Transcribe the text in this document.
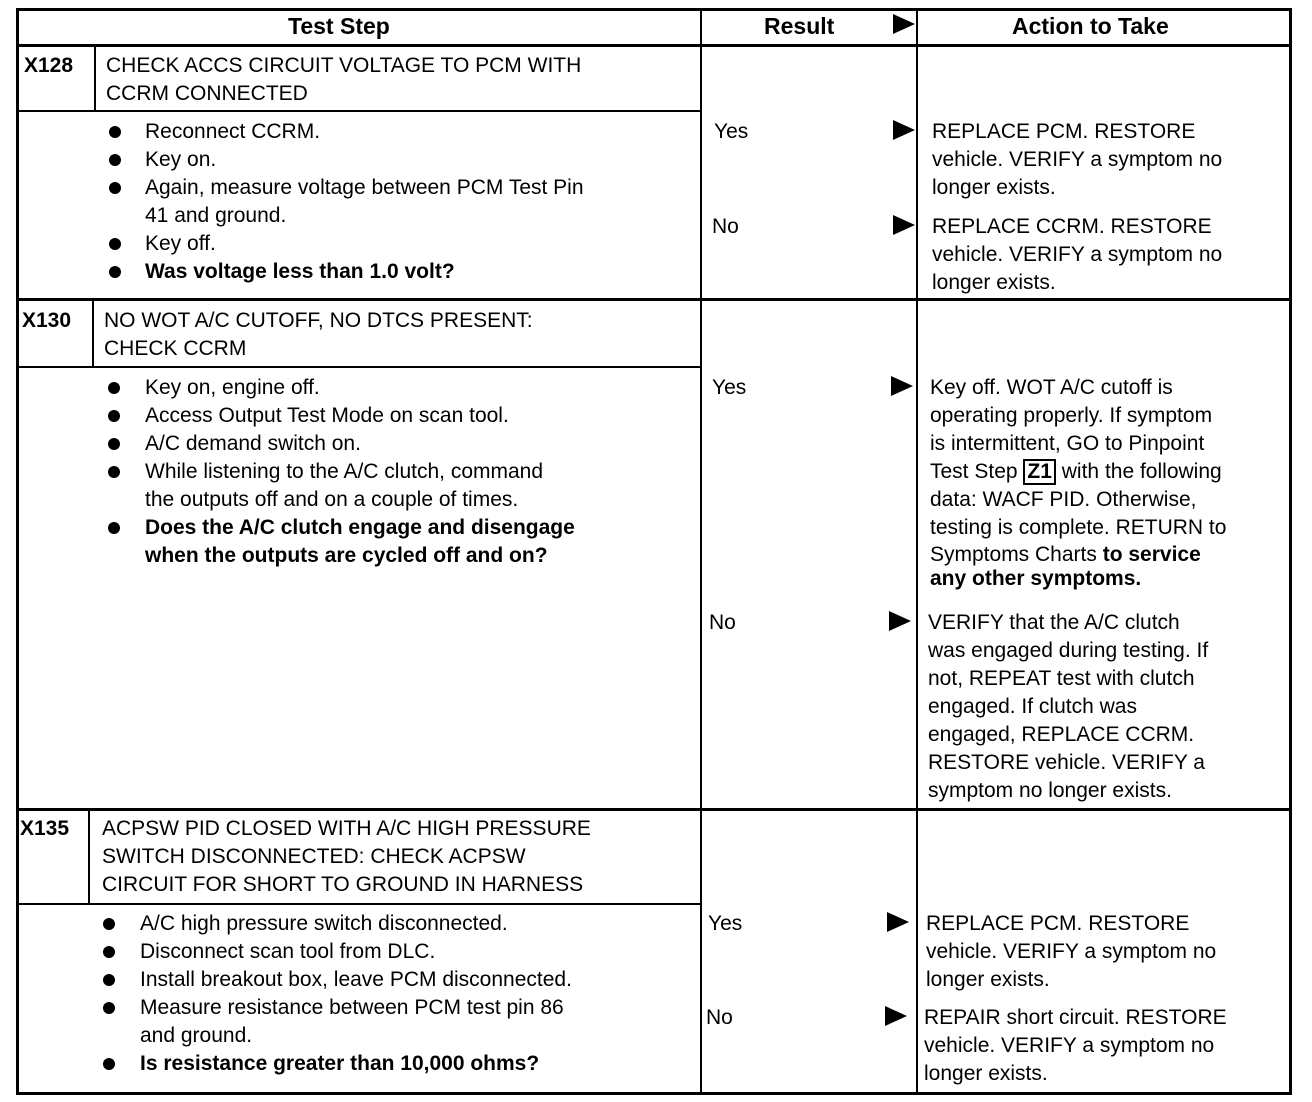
Test Step	Result	Action to Take
X128 CHECK ACCS CIRCUIT VOLTAGE TO PCM WITH
CCRM CONNECTED
Reconnect CCRM.
Key on.
Again, measure voltage between PCM Test Pin
41 and ground.
Key off.
Was voltage less than 1.0 volt?
Yes	REPLACE PCM. RESTORE
vehicle. VERIFY a symptom no
longer exists.
No	REPLACE CCRM. RESTORE
vehicle. VERIFY a symptom no
longer exists.
X130 NO WOT A/C CUTOFF, NO DTCS PRESENT:
CHECK CCRM
Key on, engine off.
Access Output Test Mode on scan tool.
A/C demand switch on.
While listening to the A/C clutch, command
the outputs off and on a couple of times.
Does the A/C clutch engage and disengage
when the outputs are cycled off and on?
Yes	Key off. WOT A/C cutoff is
operating properly. If symptom
is intermittent, GO to Pinpoint
Test Step Z1 with the following
data: WACF PID. Otherwise,
testing is complete. RETURN to
Symptoms Charts to service
any other symptoms.
No	VERIFY that the A/C clutch
was engaged during testing. If
not, REPEAT test with clutch
engaged. If clutch was
engaged, REPLACE CCRM.
RESTORE vehicle. VERIFY a
symptom no longer exists.
X135 ACPSW PID CLOSED WITH A/C HIGH PRESSURE
SWITCH DISCONNECTED: CHECK ACPSW
CIRCUIT FOR SHORT TO GROUND IN HARNESS
A/C high pressure switch disconnected.
Disconnect scan tool from DLC.
Install breakout box, leave PCM disconnected.
Measure resistance between PCM test pin 86
and ground.
Is resistance greater than 10,000 ohms?
Yes	REPLACE PCM. RESTORE
vehicle. VERIFY a symptom no
longer exists.
No	REPAIR short circuit. RESTORE
vehicle. VERIFY a symptom no
longer exists.
